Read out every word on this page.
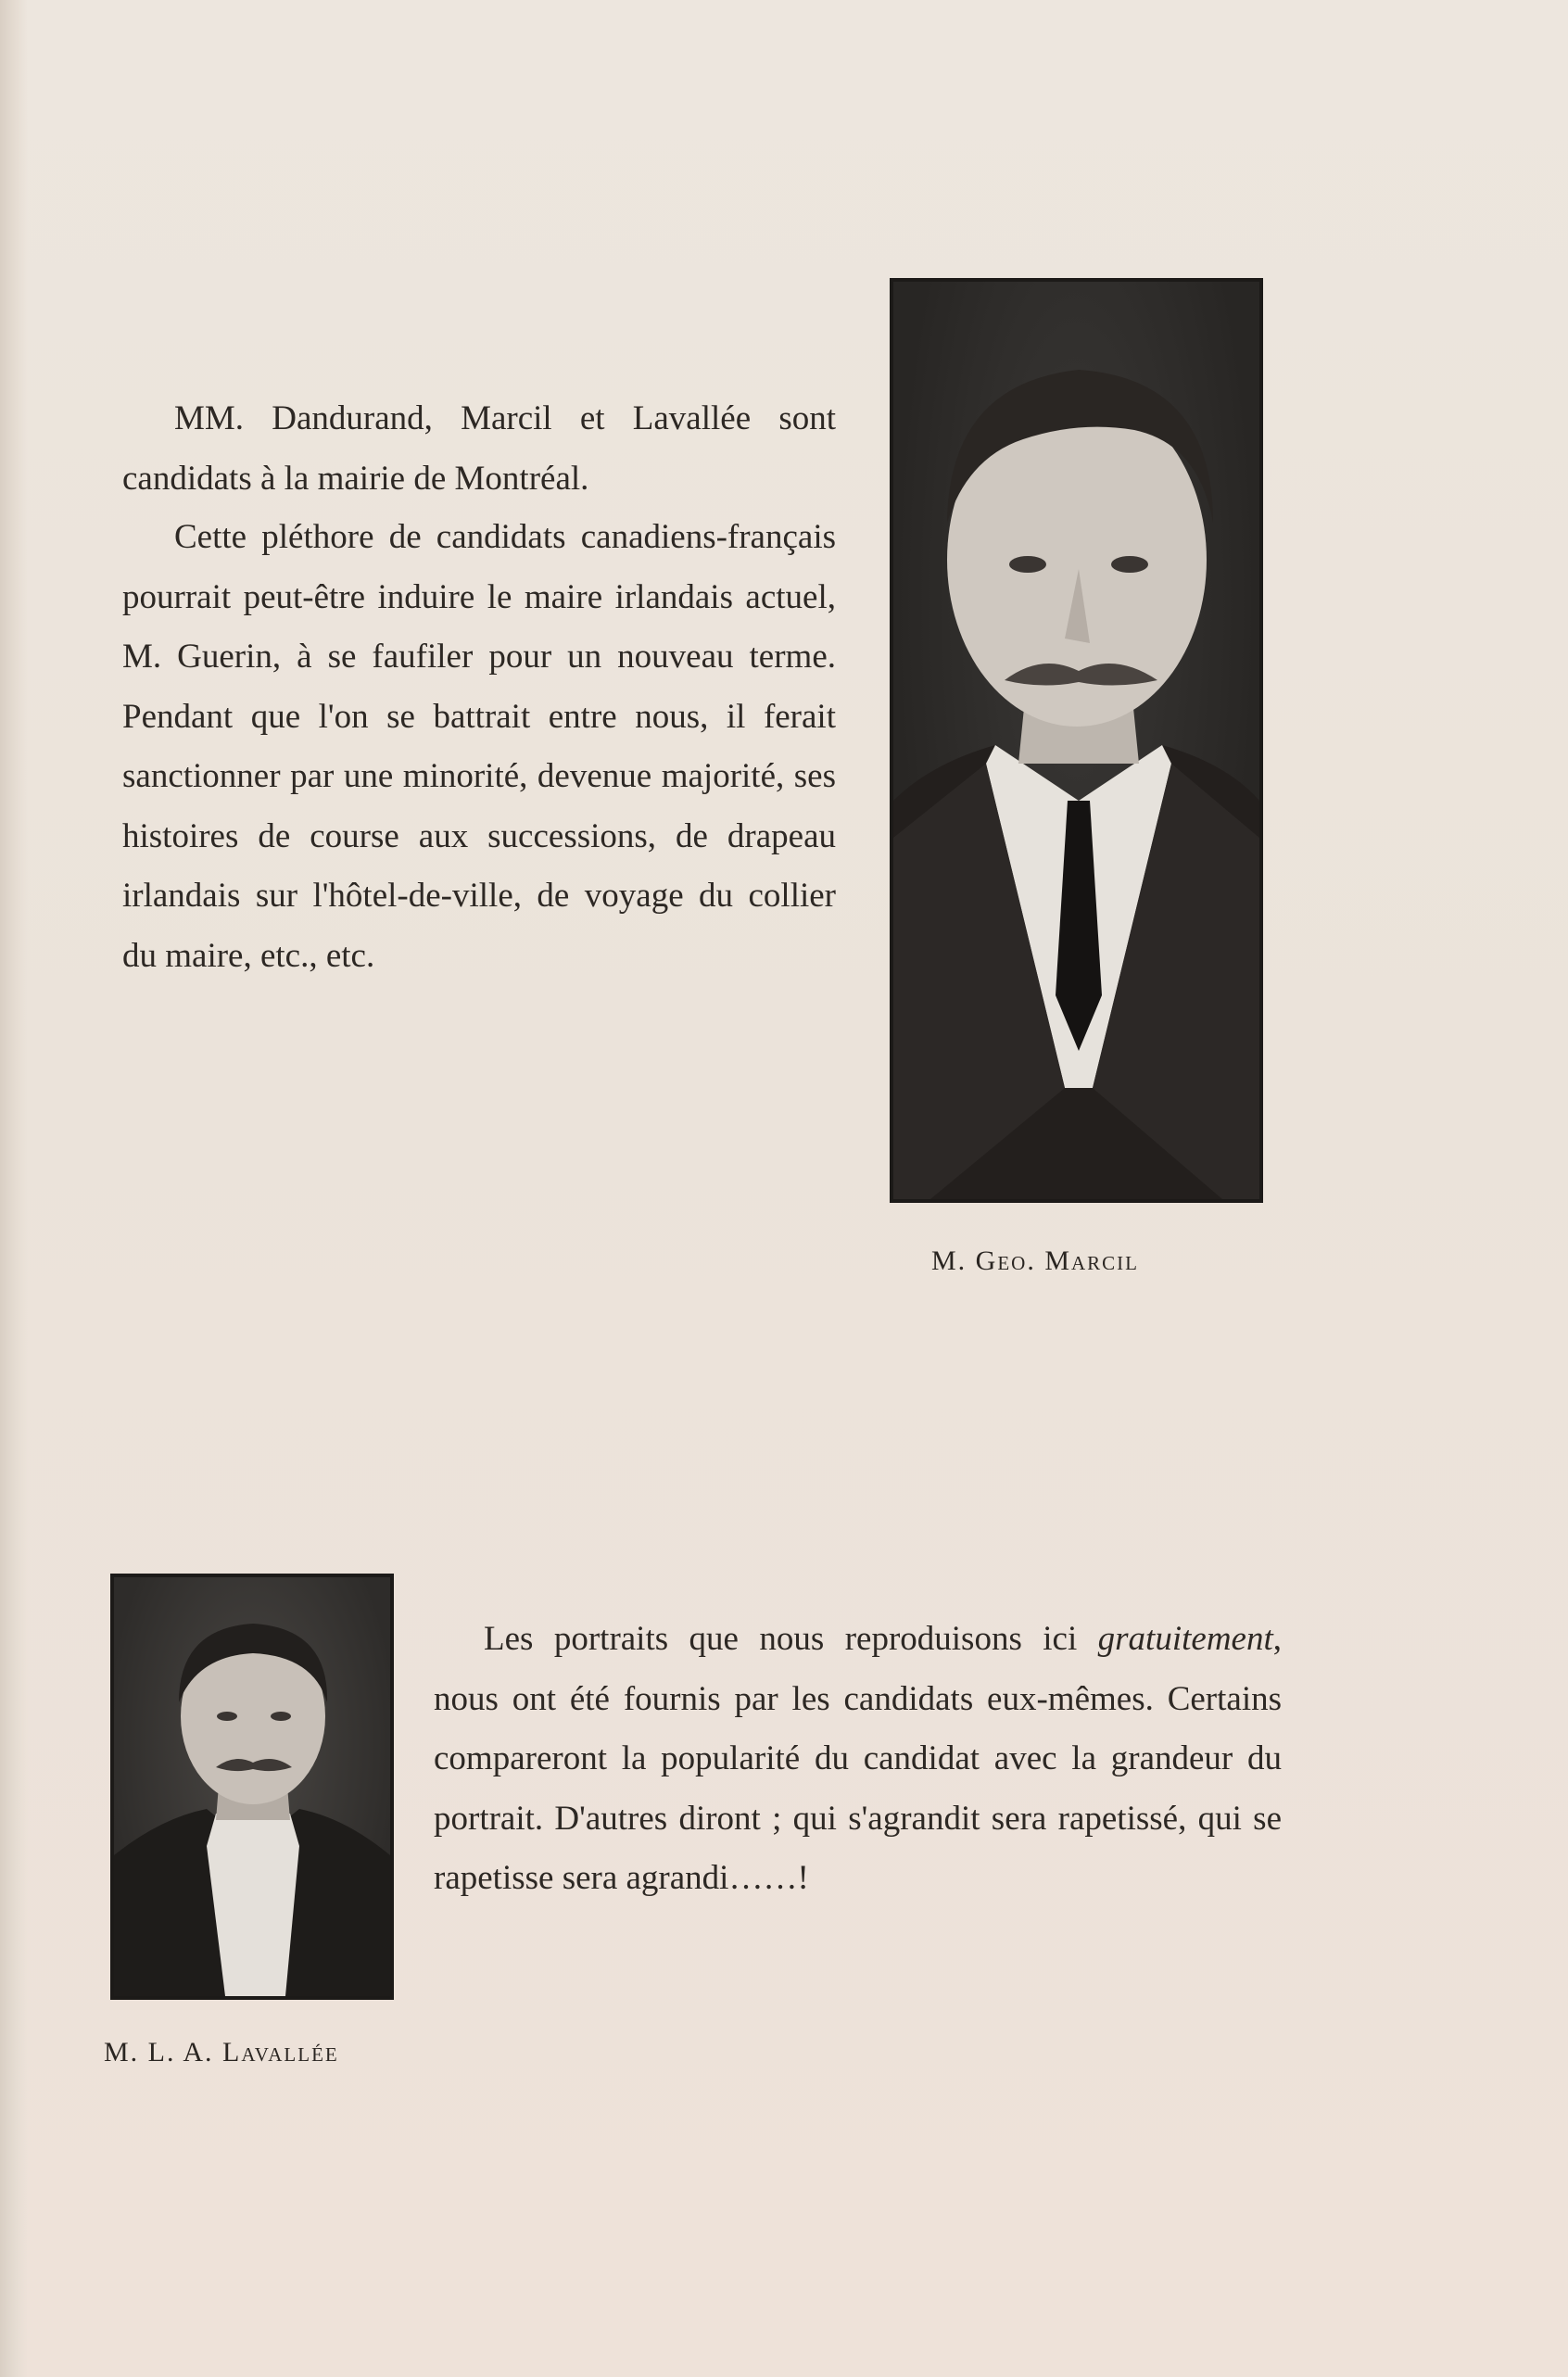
MM. Dandurand, Marcil et Lavallée sont candidats à la mairie de Montréal.

Cette pléthore de candidats canadiens-français pourrait peut-être induire le maire irlandais actuel, M. Guerin, à se faufiler pour un nouveau terme. Pendant que l'on se battrait entre nous, il ferait sanctionner par une minorité, devenue majorité, ses histoires de course aux successions, de drapeau irlandais sur l'hôtel-de-ville, de voyage du collier du maire, etc., etc.

M. Geo. Marcil

M. L. A. Lavallée

Les portraits que nous reproduisons ici gratuitement, nous ont été fournis par les candidats eux-mêmes. Certains compareront la popularité du candidat avec la grandeur du portrait. D'autres diront ; qui s'agrandit sera rapetissé, qui se rapetisse sera agrandi……!
